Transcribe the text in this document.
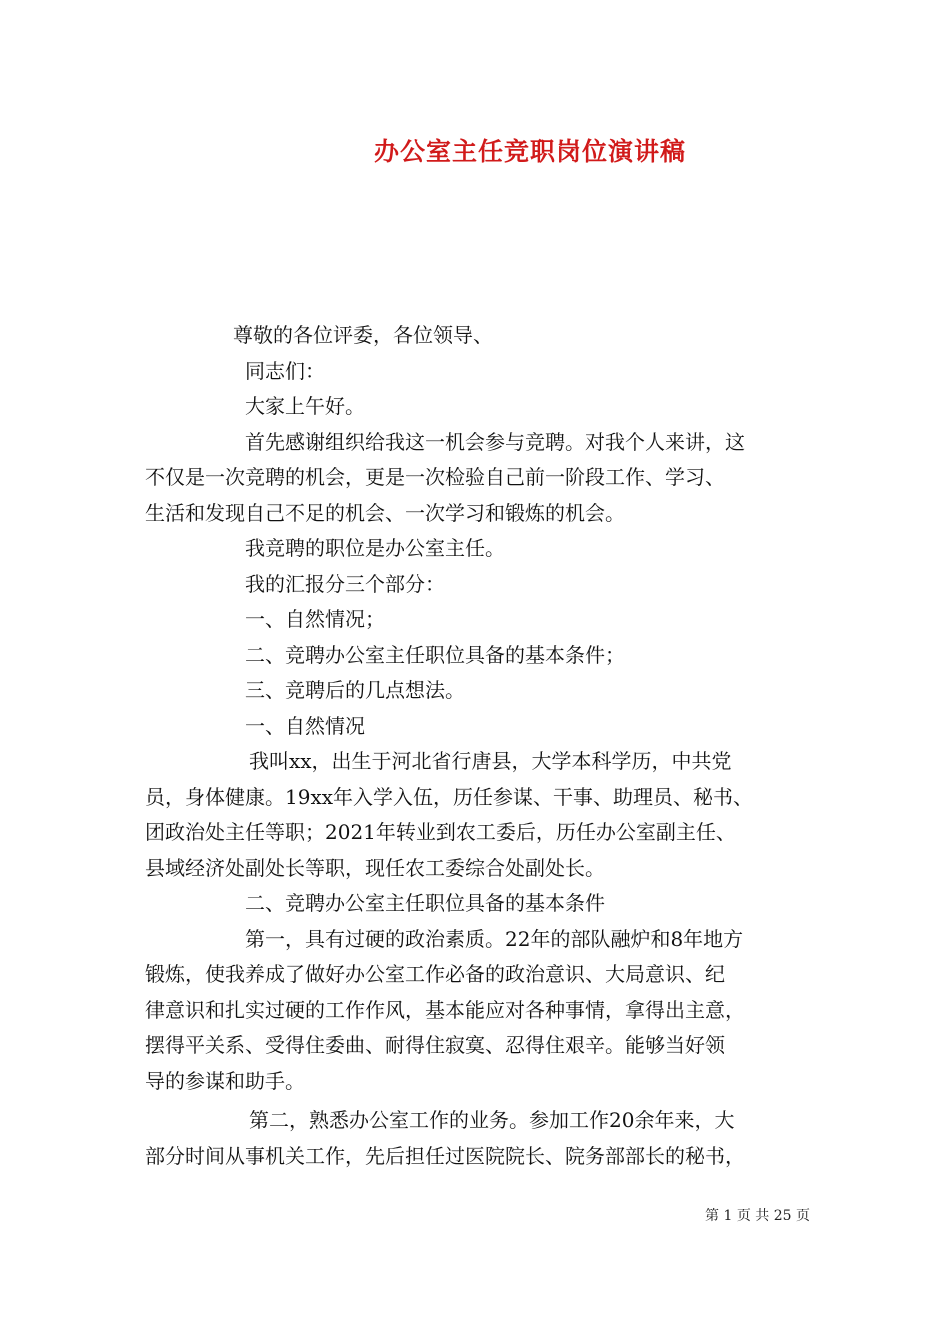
办公室主任竞职岗位演讲稿
尊敬的各位评委，各位领导、
同志们：
大家上午好。
首先感谢组织给我这一机会参与竞聘。对我个人来讲，这
不仅是一次竞聘的机会，更是一次检验自己前一阶段工作、学习、
生活和发现自己不足的机会、一次学习和锻炼的机会。
我竞聘的职位是办公室主任。
我的汇报分三个部分：
一、自然情况；
二、竞聘办公室主任职位具备的基本条件；
三、竞聘后的几点想法。
一、自然情况
我叫xx，出生于河北省行唐县，大学本科学历，中共党
员，身体健康。19xx年入学入伍，历任参谋、干事、助理员、秘书、
团政治处主任等职；2021年转业到农工委后，历任办公室副主任、
县域经济处副处长等职，现任农工委综合处副处长。
二、竞聘办公室主任职位具备的基本条件
第一，具有过硬的政治素质。22年的部队融炉和8年地方
锻炼，使我养成了做好办公室工作必备的政治意识、大局意识、纪
律意识和扎实过硬的工作作风，基本能应对各种事情，拿得出主意，
摆得平关系、受得住委曲、耐得住寂寞、忍得住艰辛。能够当好领
导的参谋和助手。
第二，熟悉办公室工作的业务。参加工作20余年来，大
部分时间从事机关工作，先后担任过医院院长、院务部部长的秘书，
第 1 页 共 25 页
